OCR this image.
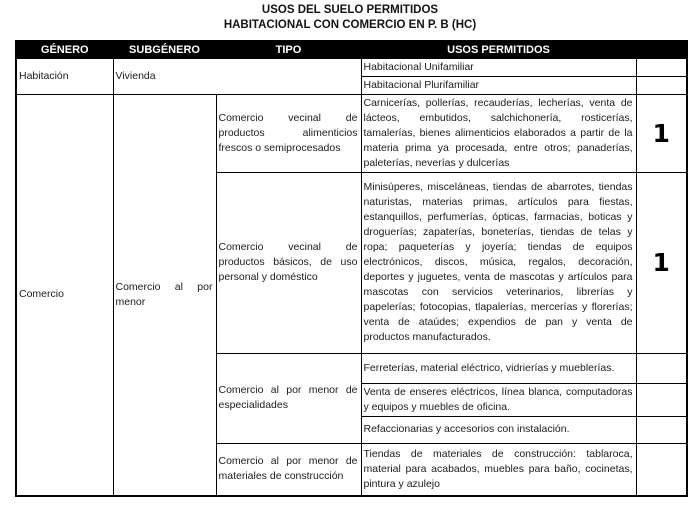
USOS DEL SUELO PERMITIDOS
HABITACIONAL CON COMERCIO EN P. B (HC)
GÉNERO	SUBGÉNERO	TIPO	USOS PERMITIDOS	
Habitación	Vivienda		Habitacional Unifamiliar	
			Habitacional Plurifamiliar	
Comercio	Comercio al por menor	Comercio vecinal de productos alimenticios frescos o semiprocesados	Carnicerías, pollerías, recauderías, lecherías, venta de lácteos, embutidos, salchichonería, rosticerías, tamalerías, bienes alimenticios elaborados a partir de la materia prima ya procesada, entre otros; panaderías, paleterías, neverías y dulcerías	1
		Comercio vecinal de productos básicos, de uso personal y doméstico	Minisúperes, misceláneas, tiendas de abarrotes, tiendas naturistas, materias primas, artículos para fiestas, estanquillos, perfumerías, ópticas, farmacias, boticas y droguerías; zapaterías, boneterías, tiendas de telas y ropa; paqueterías y joyería; tiendas de equipos electrónicos, discos, música, regalos, decoración, deportes y juguetes, venta de mascotas y artículos para mascotas con servicios veterinarios, librerías y papelerías; fotocopias, tlapalerías, mercerías y florerías; venta de ataúdes; expendios de pan y venta de productos manufacturados.	1
		Comercio al por menor de especialidades	Ferreterías, material eléctrico, vidrierías y mueblerías.	
			Venta de enseres eléctricos, línea blanca, computadoras y equipos y muebles de oficina.	
			Refaccionarias y accesorios con instalación.	
		Comercio al por menor de materiales de construcción	Tiendas de materiales de construcción: tablaroca, material para acabados, muebles para baño, cocinetas, pintura y azulejo	
